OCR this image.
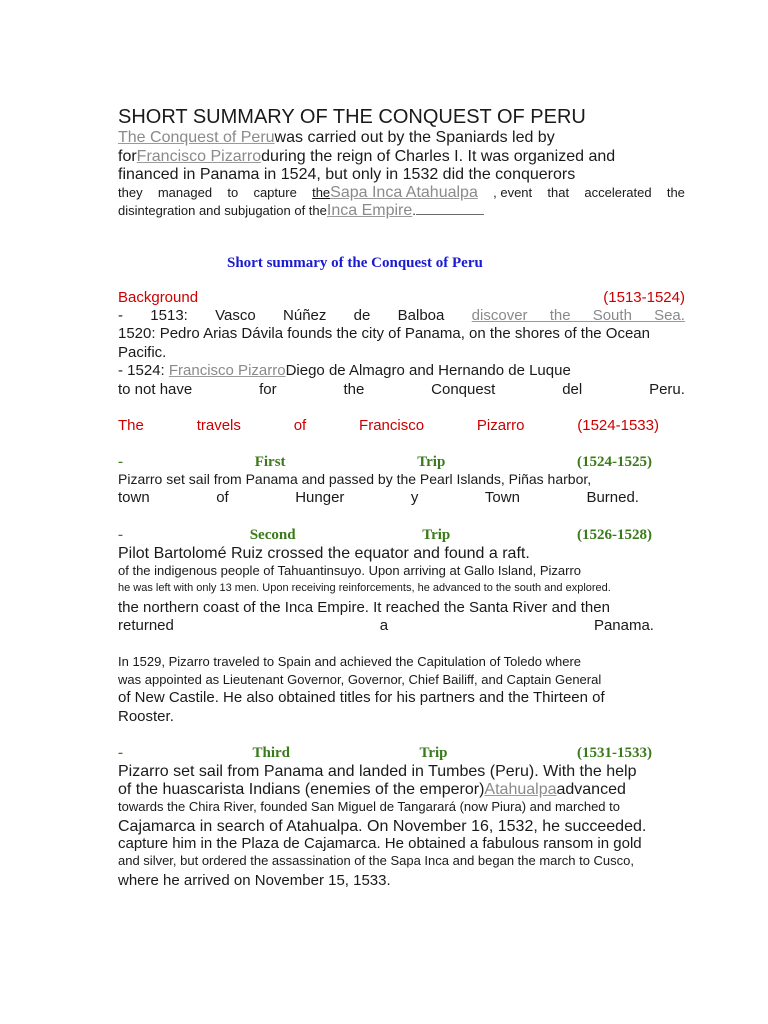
SHORT SUMMARY OF THE CONQUEST OF PERU
The Conquest of Peruwas carried out by the Spaniards led by
forFrancisco Pizarroduring the reign of Charles I. It was organized and
financed in Panama in 1524, but only in 1532 did the conquerors
they managed to capture theSapa Inca Atahualpa , event that accelerated the
disintegration and subjugation of theInca Empire.
Short summary of the Conquest of Peru
Background	(1513-1524)
- 1513: Vasco Núñez de Balboa discover the South Sea.
1520: Pedro Arias Dávila founds the city of Panama, on the shores of the Ocean
Pacific.
- 1524: Francisco PizarroDiego de Almagro and Hernando de Luque
to not have	for	the	Conquest	del	Peru.
The	travels	of	Francisco	Pizarro	(1524-1533)
-	First	Trip	(1524-1525)
Pizarro set sail from Panama and passed by the Pearl Islands, Piñas harbor,
town	of	Hunger	y	Town	Burned.
-	Second	Trip	(1526-1528)
Pilot Bartolomé Ruiz crossed the equator and found a raft.
of the indigenous people of Tahuantinsuyo. Upon arriving at Gallo Island, Pizarro
he was left with only 13 men. Upon receiving reinforcements, he advanced to the south and explored.
the northern coast of the Inca Empire. It reached the Santa River and then
returned	a	Panama.
In 1529, Pizarro traveled to Spain and achieved the Capitulation of Toledo where
was appointed as Lieutenant Governor, Governor, Chief Bailiff, and Captain General
of New Castile. He also obtained titles for his partners and the Thirteen of
Rooster.
-	Third	Trip	(1531-1533)
Pizarro set sail from Panama and landed in Tumbes (Peru). With the help
of the huascarista Indians (enemies of the emperor)Atahualpaadvanced
towards the Chira River, founded San Miguel de Tangarará (now Piura) and marched to
Cajamarca in search of Atahualpa. On November 16, 1532, he succeeded.
capture him in the Plaza de Cajamarca. He obtained a fabulous ransom in gold
and silver, but ordered the assassination of the Sapa Inca and began the march to Cusco,
where he arrived on November 15, 1533.
